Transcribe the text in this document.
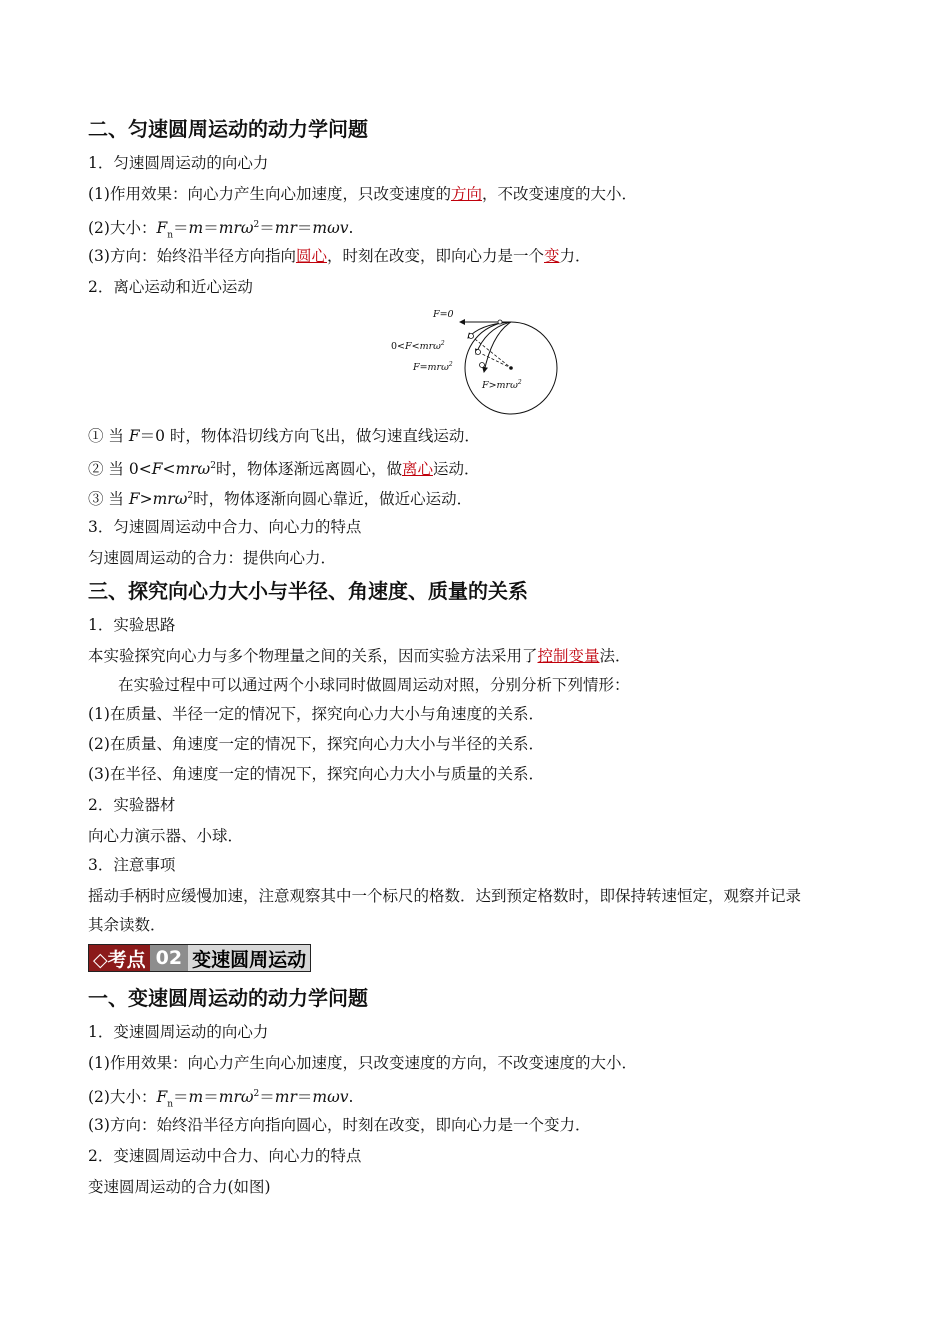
二、匀速圆周运动的动力学问题
1．匀速圆周运动的向心力
(1)作用效果：向心力产生向心加速度，只改变速度的方向，不改变速度的大小．
(2)大小：$F_n=m=mr\omega^2=mr=m\omega v$.
(3)方向：始终沿半径方向指向圆心，时刻在改变，即向心力是一个变力．
2．离心运动和近心运动
F=0
0<F<mrω$^2$
F=mrω$^2$
F>mrω$^2$
① 当 F＝0 时，物体沿切线方向飞出，做匀速直线运动．
② 当 0<F<mrω$^2$时，物体逐渐远离圆心，做离心运动．
③ 当 F>mrω$^2$时，物体逐渐向圆心靠近，做近心运动．
3．匀速圆周运动中合力、向心力的特点
匀速圆周运动的合力：提供向心力．
三、探究向心力大小与半径、角速度、质量的关系
1．实验思路
本实验探究向心力与多个物理量之间的关系，因而实验方法采用了控制变量法．
在实验过程中可以通过两个小球同时做圆周运动对照，分别分析下列情形：
(1)在质量、半径一定的情况下，探究向心力大小与角速度的关系．
(2)在质量、角速度一定的情况下，探究向心力大小与半径的关系．
(3)在半径、角速度一定的情况下，探究向心力大小与质量的关系．
2．实验器材
向心力演示器、小球．
3．注意事项
摇动手柄时应缓慢加速，注意观察其中一个标尺的格数．达到预定格数时，即保持转速恒定，观察并记录
其余读数．
◇考点 02 变速圆周运动
一、变速圆周运动的动力学问题
1．变速圆周运动的向心力
(1)作用效果：向心力产生向心加速度，只改变速度的方向，不改变速度的大小．
(2)大小：$F_n=m=mr\omega^2=mr=m\omega v$.
(3)方向：始终沿半径方向指向圆心，时刻在改变，即向心力是一个变力．
2．变速圆周运动中合力、向心力的特点
变速圆周运动的合力(如图)
